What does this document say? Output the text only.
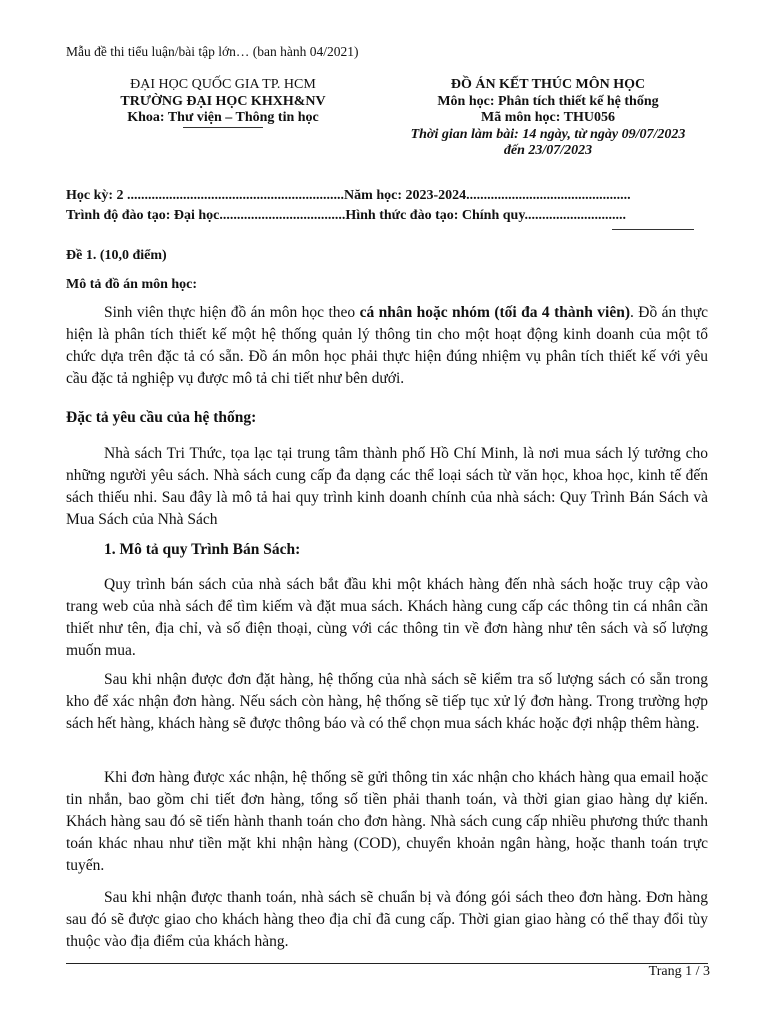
Mẫu đề thi tiểu luận/bài tập lớn… (ban hành 04/2021)
ĐẠI HỌC QUỐC GIA TP. HCM
TRƯỜNG ĐẠI HỌC KHXH&NV
Khoa: Thư viện – Thông tin học
ĐỒ ÁN KẾT THÚC MÔN HỌC
Môn học: Phân tích thiết kế hệ thống
Mã môn học: THU056
Thời gian làm bài: 14 ngày, từ ngày 09/07/2023
đến 23/07/2023
Học kỳ: 2 ..............................................................Năm học: 2023-2024...............................................
Trình độ đào tạo: Đại học....................................Hình thức đào tạo: Chính quy.............................
Đề 1. (10,0 điểm)
Mô tả đồ án môn học:
Sinh viên thực hiện đồ án môn học theo cá nhân hoặc nhóm (tối đa 4 thành viên). Đồ án thực hiện là phân tích thiết kế một hệ thống quản lý thông tin cho một hoạt động kinh doanh của một tổ chức dựa trên đặc tả có sẵn. Đồ án môn học phải thực hiện đúng nhiệm vụ phân tích thiết kế với yêu cầu đặc tả nghiệp vụ được mô tả chi tiết như bên dưới.
Đặc tả yêu cầu của hệ thống:
Nhà sách Tri Thức, tọa lạc tại trung tâm thành phố Hồ Chí Minh, là nơi mua sách lý tưởng cho những người yêu sách. Nhà sách cung cấp đa dạng các thể loại sách từ văn học, khoa học, kinh tế đến sách thiếu nhi. Sau đây là mô tả hai quy trình kinh doanh chính của nhà sách: Quy Trình Bán Sách và Mua Sách của Nhà Sách
1. Mô tả quy Trình Bán Sách:
Quy trình bán sách của nhà sách bắt đầu khi một khách hàng đến nhà sách hoặc truy cập vào trang web của nhà sách để tìm kiếm và đặt mua sách. Khách hàng cung cấp các thông tin cá nhân cần thiết như tên, địa chỉ, và số điện thoại, cùng với các thông tin về đơn hàng như tên sách và số lượng muốn mua.
Sau khi nhận được đơn đặt hàng, hệ thống của nhà sách sẽ kiểm tra số lượng sách có sẵn trong kho để xác nhận đơn hàng. Nếu sách còn hàng, hệ thống sẽ tiếp tục xử lý đơn hàng. Trong trường hợp sách hết hàng, khách hàng sẽ được thông báo và có thể chọn mua sách khác hoặc đợi nhập thêm hàng.
Khi đơn hàng được xác nhận, hệ thống sẽ gửi thông tin xác nhận cho khách hàng qua email hoặc tin nhắn, bao gồm chi tiết đơn hàng, tổng số tiền phải thanh toán, và thời gian giao hàng dự kiến. Khách hàng sau đó sẽ tiến hành thanh toán cho đơn hàng. Nhà sách cung cấp nhiều phương thức thanh toán khác nhau như tiền mặt khi nhận hàng (COD), chuyển khoản ngân hàng, hoặc thanh toán trực tuyến.
Sau khi nhận được thanh toán, nhà sách sẽ chuẩn bị và đóng gói sách theo đơn hàng. Đơn hàng sau đó sẽ được giao cho khách hàng theo địa chỉ đã cung cấp. Thời gian giao hàng có thể thay đổi tùy thuộc vào địa điểm của khách hàng.
Trang 1 / 3
